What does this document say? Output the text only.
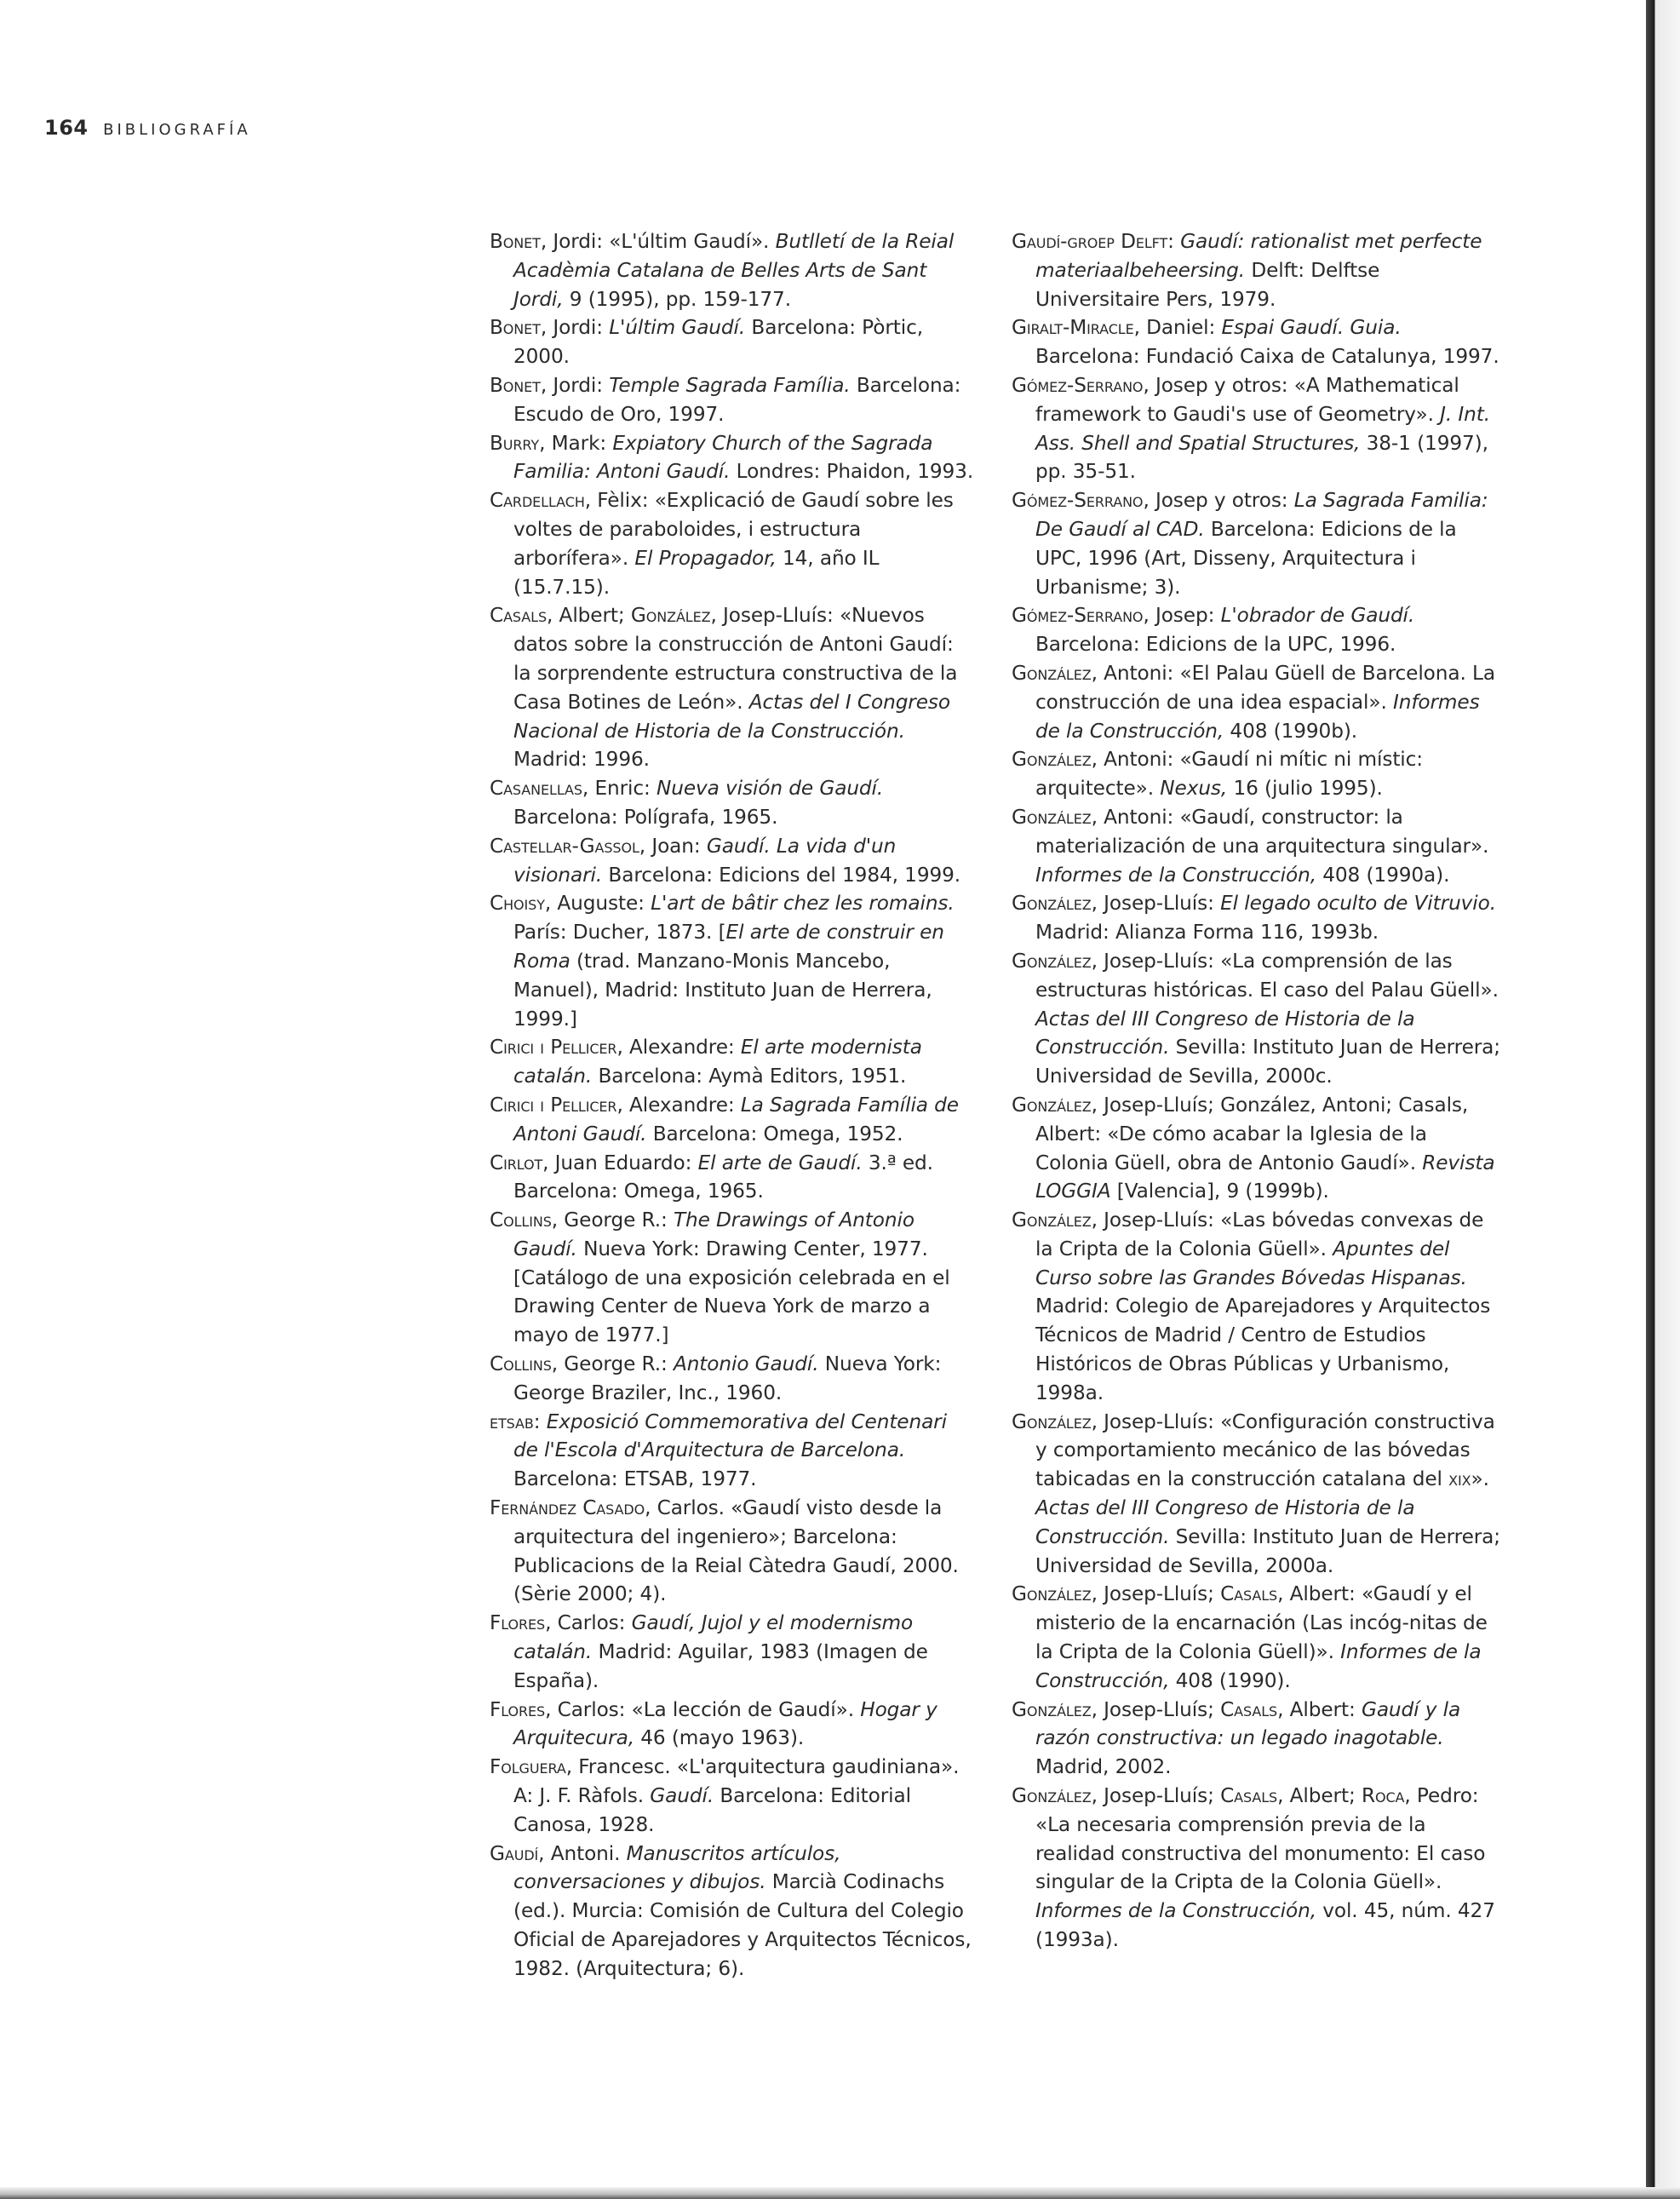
164 BIBLIOGRAFÍA

Bonet, Jordi: «L'últim Gaudí». Butlletí de la Reial Acadèmia Catalana de Belles Arts de Sant Jordi, 9 (1995), pp. 159-177.

Bonet, Jordi: L'últim Gaudí. Barcelona: Pòrtic, 2000.

Bonet, Jordi: Temple Sagrada Família. Barcelona: Escudo de Oro, 1997.

Burry, Mark: Expiatory Church of the Sagrada Familia: Antoni Gaudí. Londres: Phaidon, 1993.

Cardellach, Fèlix: «Explicació de Gaudí sobre les voltes de paraboloides, i estructura arborífera». El Propagador, 14, año IL (15.7.15).

Casals, Albert; González, Josep-Lluís: «Nuevos datos sobre la construcción de Antoni Gaudí: la sorprendente estructura constructiva de la Casa Botines de León». Actas del I Congreso Nacional de Historia de la Construcción. Madrid: 1996.

Casanellas, Enric: Nueva visión de Gaudí. Barcelona: Polígrafa, 1965.

Castellar-Gassol, Joan: Gaudí. La vida d'un visionari. Barcelona: Edicions del 1984, 1999.

Choisy, Auguste: L'art de bâtir chez les romains. París: Ducher, 1873. [El arte de construir en Roma (trad. Manzano-Monis Mancebo, Manuel), Madrid: Instituto Juan de Herrera, 1999.]

Cirici i Pellicer, Alexandre: El arte modernista catalán. Barcelona: Aymà Editors, 1951.

Cirici i Pellicer, Alexandre: La Sagrada Família de Antoni Gaudí. Barcelona: Omega, 1952.

Cirlot, Juan Eduardo: El arte de Gaudí. 3.ª ed. Barcelona: Omega, 1965.

Collins, George R.: The Drawings of Antonio Gaudí. Nueva York: Drawing Center, 1977. [Catálogo de una exposición celebrada en el Drawing Center de Nueva York de marzo a mayo de 1977.]

Collins, George R.: Antonio Gaudí. Nueva York: George Braziler, Inc., 1960.

etsab: Exposició Commemorativa del Centenari de l'Escola d'Arquitectura de Barcelona. Barcelona: ETSAB, 1977.

Fernández Casado, Carlos. «Gaudí visto desde la arquitectura del ingeniero»; Barcelona: Publicacions de la Reial Càtedra Gaudí, 2000. (Sèrie 2000; 4).

Flores, Carlos: Gaudí, Jujol y el modernismo catalán. Madrid: Aguilar, 1983 (Imagen de España).

Flores, Carlos: «La lección de Gaudí». Hogar y Arquitecura, 46 (mayo 1963).

Folguera, Francesc. «L'arquitectura gaudiniana». A: J. F. Ràfols. Gaudí. Barcelona: Editorial Canosa, 1928.

Gaudí, Antoni. Manuscritos artículos, conversaciones y dibujos. Marcià Codinachs (ed.). Murcia: Comisión de Cultura del Colegio Oficial de Aparejadores y Arquitectos Técnicos, 1982. (Arquitectura; 6).

Gaudí-groep Delft: Gaudí: rationalist met perfecte materiaalbeheersing. Delft: Delftse Universitaire Pers, 1979.

Giralt-Miracle, Daniel: Espai Gaudí. Guia. Barcelona: Fundació Caixa de Catalunya, 1997.

Gómez-Serrano, Josep y otros: «A Mathematical framework to Gaudi's use of Geometry». J. Int. Ass. Shell and Spatial Structures, 38-1 (1997), pp. 35-51.

Gómez-Serrano, Josep y otros: La Sagrada Familia: De Gaudí al CAD. Barcelona: Edicions de la UPC, 1996 (Art, Disseny, Arquitectura i Urbanisme; 3).

Gómez-Serrano, Josep: L'obrador de Gaudí. Barcelona: Edicions de la UPC, 1996.

González, Antoni: «El Palau Güell de Barcelona. La construcción de una idea espacial». Informes de la Construcción, 408 (1990b).

González, Antoni: «Gaudí ni mític ni místic: arquitecte». Nexus, 16 (julio 1995).

González, Antoni: «Gaudí, constructor: la materialización de una arquitectura singular». Informes de la Construcción, 408 (1990a).

González, Josep-Lluís: El legado oculto de Vitruvio. Madrid: Alianza Forma 116, 1993b.

González, Josep-Lluís: «La comprensión de las estructuras históricas. El caso del Palau Güell». Actas del III Congreso de Historia de la Construcción. Sevilla: Instituto Juan de Herrera; Universidad de Sevilla, 2000c.

González, Josep-Lluís; González, Antoni; Casals, Albert: «De cómo acabar la Iglesia de la Colonia Güell, obra de Antonio Gaudí». Revista LOGGIA [Valencia], 9 (1999b).

González, Josep-Lluís: «Las bóvedas convexas de la Cripta de la Colonia Güell». Apuntes del Curso sobre las Grandes Bóvedas Hispanas. Madrid: Colegio de Aparejadores y Arquitectos Técnicos de Madrid / Centro de Estudios Históricos de Obras Públicas y Urbanismo, 1998a.

González, Josep-Lluís: «Configuración constructiva y comportamiento mecánico de las bóvedas tabicadas en la construcción catalana del xix». Actas del III Congreso de Historia de la Construcción. Sevilla: Instituto Juan de Herrera; Universidad de Sevilla, 2000a.

González, Josep-Lluís; Casals, Albert: «Gaudí y el misterio de la encarnación (Las incóg-nitas de la Cripta de la Colonia Güell)». Informes de la Construcción, 408 (1990).

González, Josep-Lluís; Casals, Albert: Gaudí y la razón constructiva: un legado inagotable. Madrid, 2002.

González, Josep-Lluís; Casals, Albert; Roca, Pedro: «La necesaria comprensión previa de la realidad constructiva del monumento: El caso singular de la Cripta de la Colonia Güell». Informes de la Construcción, vol. 45, núm. 427 (1993a).
